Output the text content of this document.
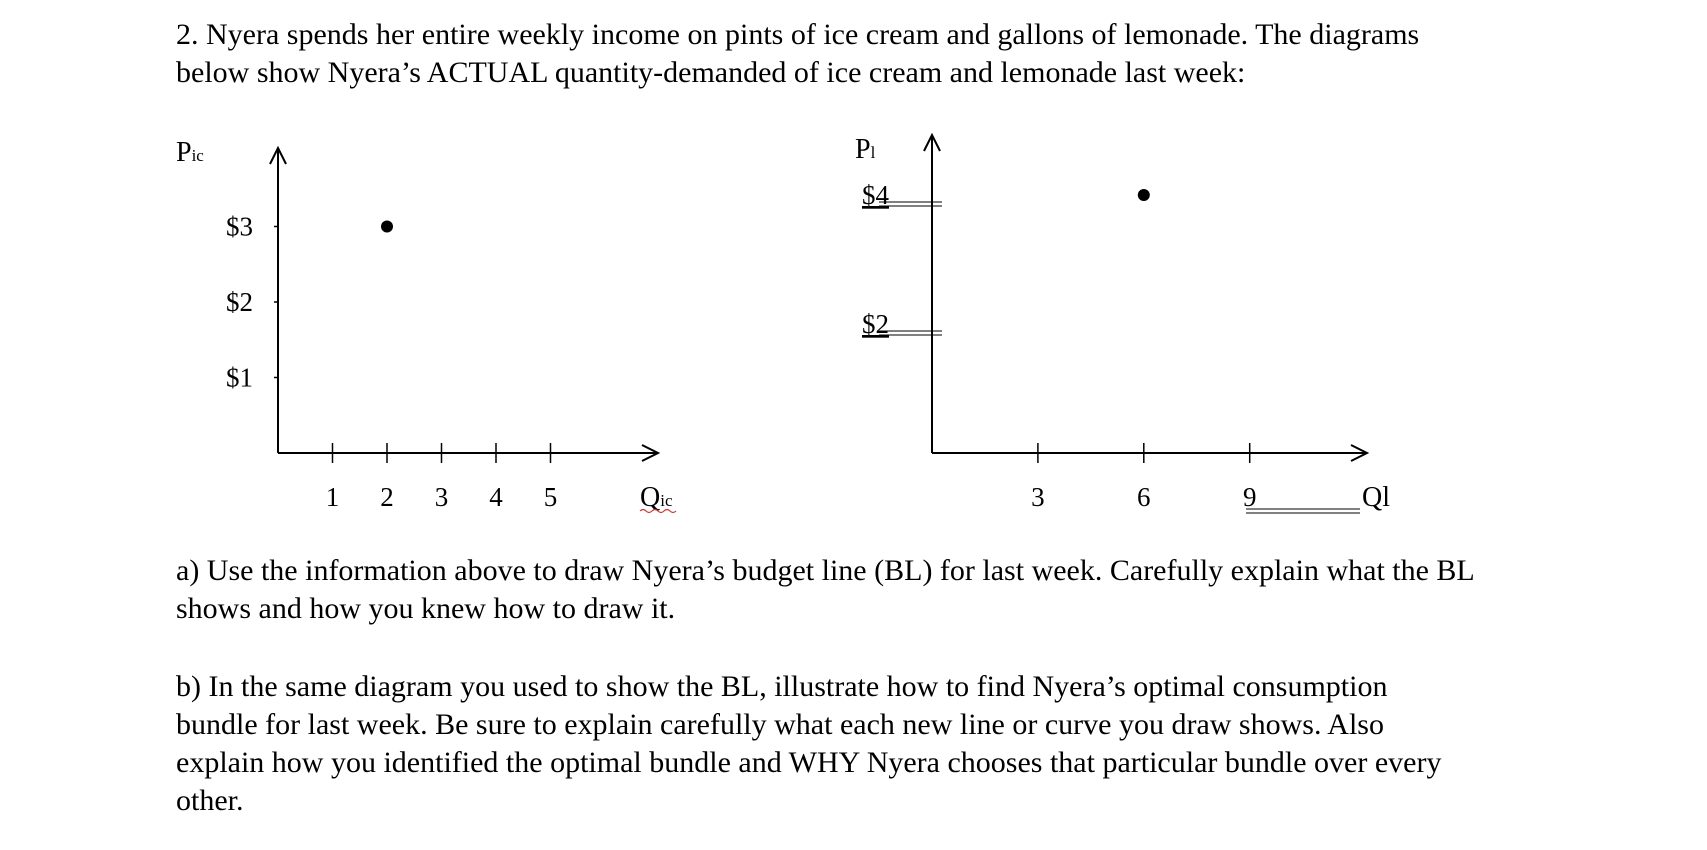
2. Nyera spends her entire weekly income on pints of ice cream and gallons of lemonade. The diagrams below show Nyera’s ACTUAL quantity-demanded of ice cream and lemonade last week:

$1
$2
$3
1 2 3 4 5
Pic
Qic
$2
$4
3	6	9
Pl
Ql

a) Use the information above to draw Nyera’s budget line (BL) for last week. Carefully explain what the BL shows and how you knew how to draw it.

b) In the same diagram you used to show the BL, illustrate how to find Nyera’s optimal consumption bundle for last week. Be sure to explain carefully what each new line or curve you draw shows. Also explain how you identified the optimal bundle and WHY Nyera chooses that particular bundle over every other.
